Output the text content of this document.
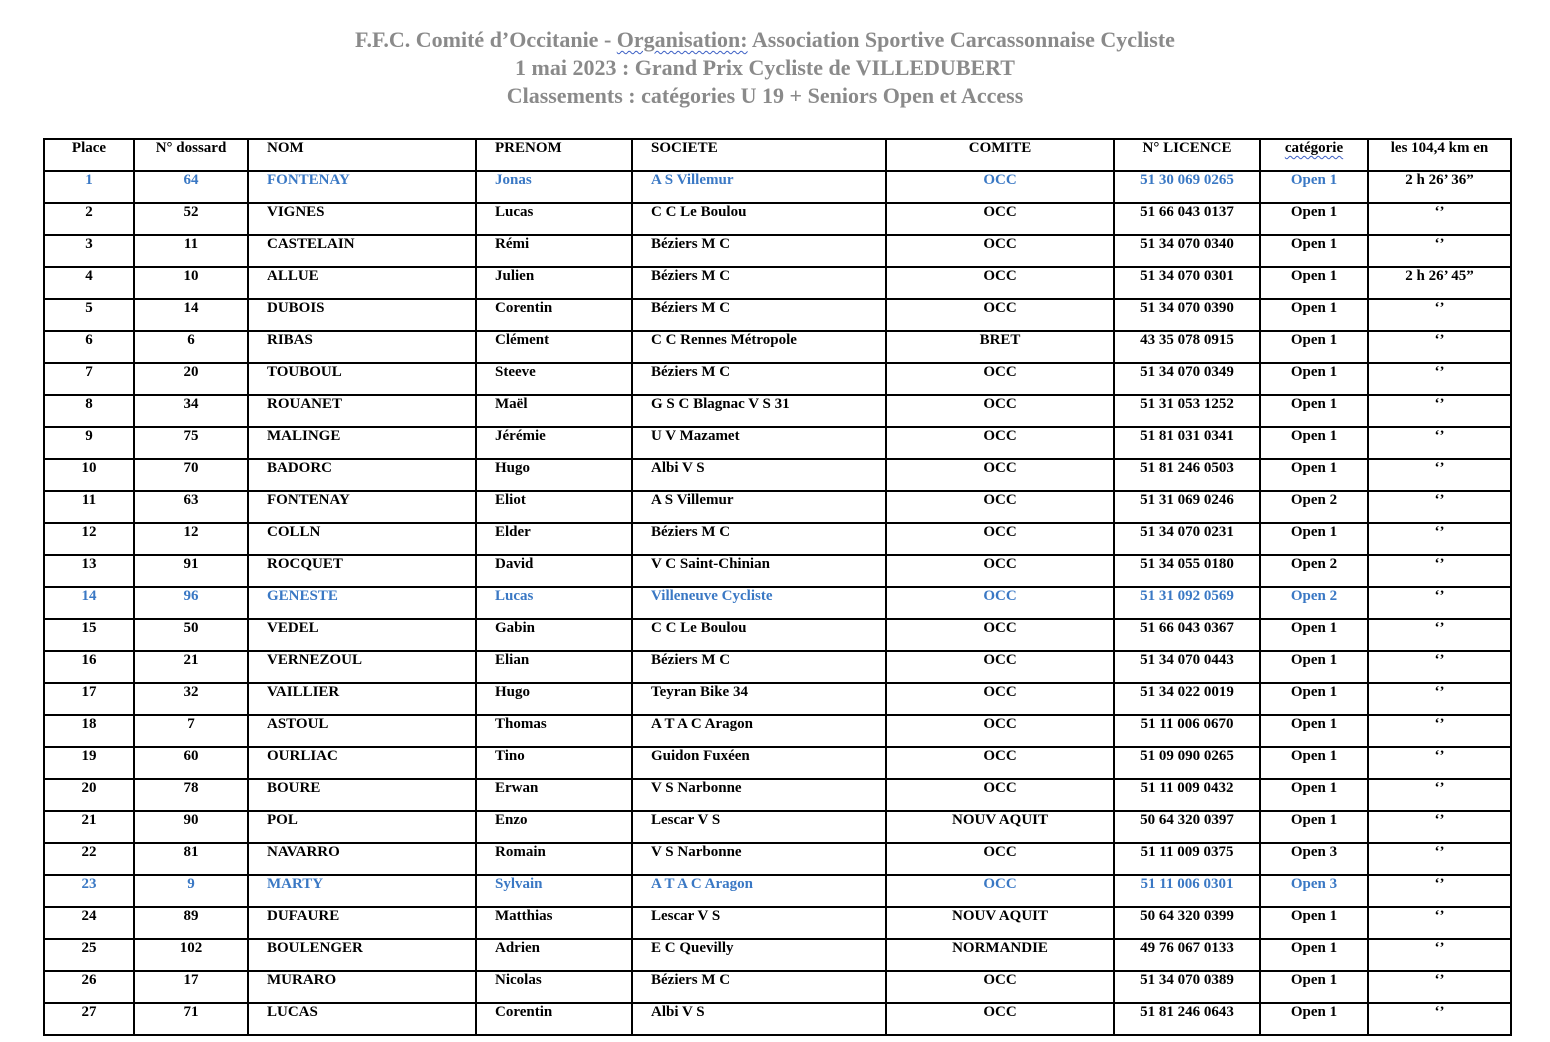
F.F.C. Comité d’Occitanie - Organisation: Association Sportive Carcassonnaise Cycliste
1 mai 2023 : Grand Prix Cycliste de VILLEDUBERT
Classements : catégories U 19 + Seniors Open et Access
Place	N° dossard	NOM	PRENOM	SOCIETE	COMITE	N° LICENCE	catégorie	les 104,4 km en
1	64	FONTENAY	Jonas	A S Villemur	OCC	51 30 069 0265	Open 1	2 h 26’ 36”
2	52	VIGNES	Lucas	C C Le Boulou	OCC	51 66 043 0137	Open 1	‘’
3	11	CASTELAIN	Rémi	Béziers M C	OCC	51 34 070 0340	Open 1	‘’
4	10	ALLUE	Julien	Béziers M C	OCC	51 34 070 0301	Open 1	2 h 26’ 45”
5	14	DUBOIS	Corentin	Béziers M C	OCC	51 34 070 0390	Open 1	‘’
6	6	RIBAS	Clément	C C Rennes Métropole	BRET	43 35 078 0915	Open 1	‘’
7	20	TOUBOUL	Steeve	Béziers M C	OCC	51 34 070 0349	Open 1	‘’
8	34	ROUANET	Maël	G S C Blagnac V S 31	OCC	51 31 053 1252	Open 1	‘’
9	75	MALINGE	Jérémie	U V Mazamet	OCC	51 81 031 0341	Open 1	‘’
10	70	BADORC	Hugo	Albi V S	OCC	51 81 246 0503	Open 1	‘’
11	63	FONTENAY	Eliot	A S Villemur	OCC	51 31 069 0246	Open 2	‘’
12	12	COLLN	Elder	Béziers M C	OCC	51 34 070 0231	Open 1	‘’
13	91	ROCQUET	David	V C Saint-Chinian	OCC	51 34 055 0180	Open 2	‘’
14	96	GENESTE	Lucas	Villeneuve Cycliste	OCC	51 31 092 0569	Open 2	‘’
15	50	VEDEL	Gabin	C C Le Boulou	OCC	51 66 043 0367	Open 1	‘’
16	21	VERNEZOUL	Elian	Béziers M C	OCC	51 34 070 0443	Open 1	‘’
17	32	VAILLIER	Hugo	Teyran Bike 34	OCC	51 34 022 0019	Open 1	‘’
18	7	ASTOUL	Thomas	A T A C Aragon	OCC	51 11 006 0670	Open 1	‘’
19	60	OURLIAC	Tino	Guidon Fuxéen	OCC	51 09 090 0265	Open 1	‘’
20	78	BOURE	Erwan	V S Narbonne	OCC	51 11 009 0432	Open 1	‘’
21	90	POL	Enzo	Lescar V S	NOUV AQUIT	50 64 320 0397	Open 1	‘’
22	81	NAVARRO	Romain	V S Narbonne	OCC	51 11 009 0375	Open 3	‘’
23	9	MARTY	Sylvain	A T A C Aragon	OCC	51 11 006 0301	Open 3	‘’
24	89	DUFAURE	Matthias	Lescar V S	NOUV AQUIT	50 64 320 0399	Open 1	‘’
25	102	BOULENGER	Adrien	E C Quevilly	NORMANDIE	49 76 067 0133	Open 1	‘’
26	17	MURARO	Nicolas	Béziers M C	OCC	51 34 070 0389	Open 1	‘’
27	71	LUCAS	Corentin	Albi V S	OCC	51 81 246 0643	Open 1	‘’
